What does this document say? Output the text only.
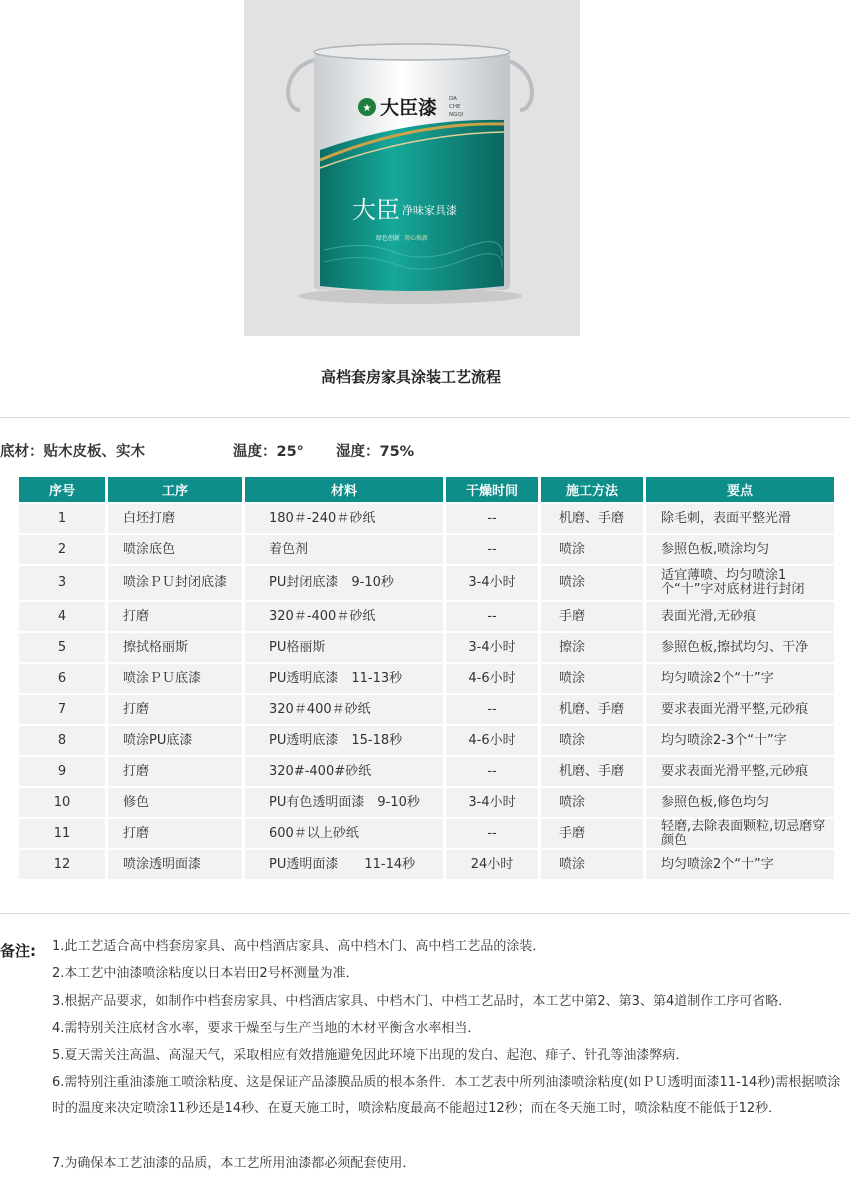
★ 大臣漆 DA
CHE
NGQI
大臣 净味家具漆
绿色创新 用心焕新
高档套房家具涂装工艺流程
底材：贴木皮板、实木	温度：25° 湿度：75%
序号	工序	材料	干燥时间	施工方法	要点
1	白坯打磨	180＃-240＃砂纸	--	机磨、手磨	除毛刺，表面平整光滑
2	喷涂底色	着色剂	--	喷涂	参照色板,喷涂均匀
3	喷涂ＰＵ封闭底漆	PU封闭底漆　9-10秒	3-4小时	喷涂	适宜薄喷、均匀喷涂1个“十”字对底材进行封闭
4	打磨	320＃-400＃砂纸	--	手磨	表面光滑,无砂痕
5	擦拭格丽斯	PU格丽斯	3-4小时	擦涂	参照色板,擦拭均匀、干净
6	喷涂ＰＵ底漆	PU透明底漆　11-13秒	4-6小时	喷涂	均匀喷涂2个“十”字
7	打磨	320＃400＃砂纸	--	机磨、手磨	要求表面光滑平整,元砂痕
8	喷涂PU底漆	PU透明底漆　15-18秒	4-6小时	喷涂	均匀喷涂2-3个“十”字
9	打磨	320#-400#砂纸	--	机磨、手磨	要求表面光滑平整,元砂痕
10	修色	PU有色透明面漆　9-10秒	3-4小时	喷涂	参照色板,修色均匀
11	打磨	600＃以上砂纸	--	手磨	轻磨,去除表面颗粒,切忌磨穿颜色
12	喷涂透明面漆	PU透明面漆　　11-14秒	24小时	喷涂	均匀喷涂2个“十”字
备注: 1.此工艺适合高中档套房家具、高中档酒店家具、高中档木门、高中档工艺品的涂装．
2.本工艺中油漆喷涂粘度以日本岩田2号杯测量为准．
3.根据产品要求，如制作中档套房家具、中档酒店家具、中档木门、中档工艺品时，本工艺中第2、第3、第4道制作工序可省略．
4.需特别关注底材含水率，要求干燥至与生产当地的木材平衡含水率相当．
5.夏天需关注高温、高湿天气，采取相应有效措施避免因此环境下出现的发白、起泡、痱子、针孔等油漆弊病．
6.需特别注重油漆施工喷涂粘度、这是保证产品漆膜品质的根本条件．本工艺表中所列油漆喷涂粘度(如ＰＵ透明面漆11-14秒)需根据喷涂时的温度来决定喷涂11秒还是14秒、在夏天施工时，喷涂粘度最高不能超过12秒；而在冬天施工时，喷涂粘度不能低于12秒．
7.为确保本工艺油漆的品质，本工艺所用油漆都必须配套使用．
